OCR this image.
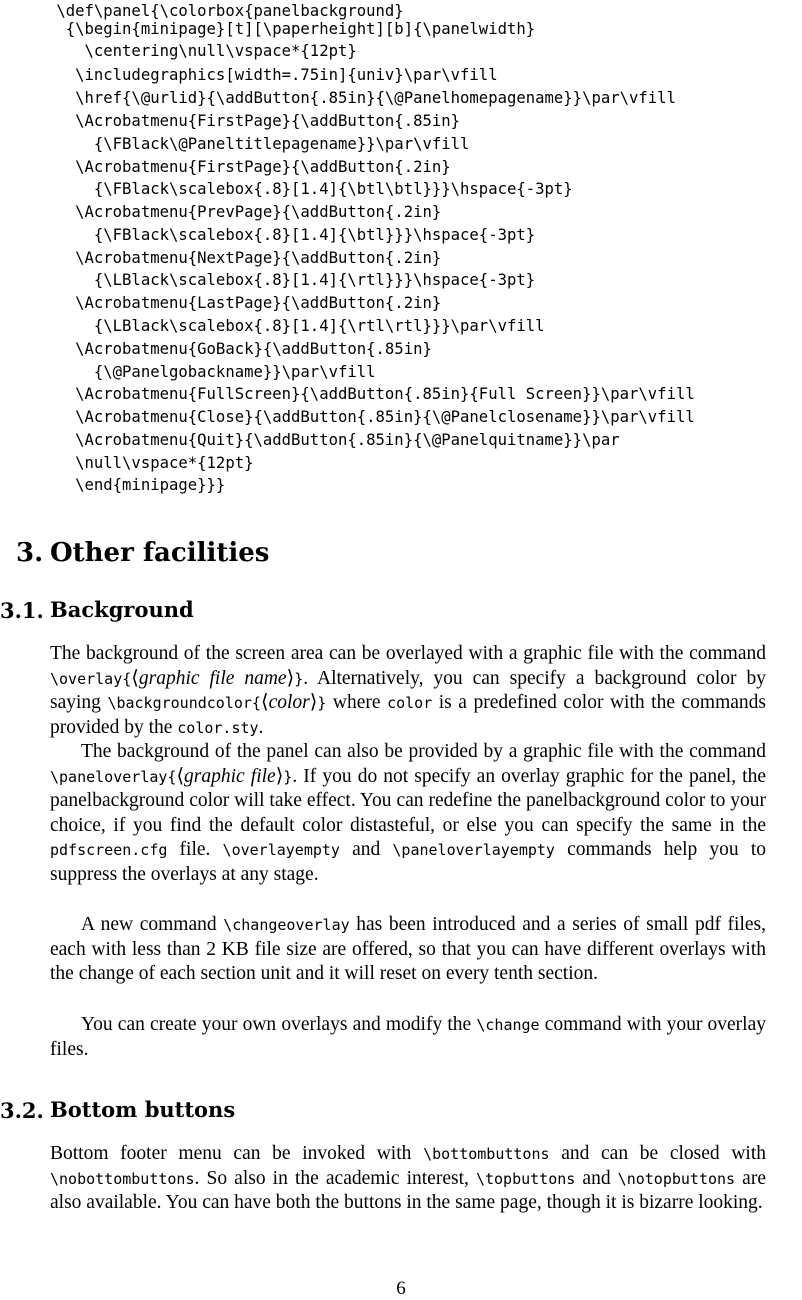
\def\panel{\colorbox{panelbackground}
{\begin{minipage}[t][\paperheight][b]{\panelwidth}
\centering\null\vspace*{12pt}
\includegraphics[width=.75in]{univ}\par\vfill
\href{\@urlid}{\addButton{.85in}{\@Panelhomepagename}}\par\vfill
\Acrobatmenu{FirstPage}{\addButton{.85in}
{\FBlack\@Paneltitlepagename}}\par\vfill
\Acrobatmenu{FirstPage}{\addButton{.2in}
{\FBlack\scalebox{.8}[1.4]{\btl\btl}}}\hspace{-3pt}
\Acrobatmenu{PrevPage}{\addButton{.2in}
{\FBlack\scalebox{.8}[1.4]{\btl}}}\hspace{-3pt}
\Acrobatmenu{NextPage}{\addButton{.2in}
{\LBlack\scalebox{.8}[1.4]{\rtl}}}\hspace{-3pt}
\Acrobatmenu{LastPage}{\addButton{.2in}
{\LBlack\scalebox{.8}[1.4]{\rtl\rtl}}}\par\vfill
\Acrobatmenu{GoBack}{\addButton{.85in}
{\@Panelgobackname}}\par\vfill
\Acrobatmenu{FullScreen}{\addButton{.85in}{Full Screen}}\par\vfill
\Acrobatmenu{Close}{\addButton{.85in}{\@Panelclosename}}\par\vfill
\Acrobatmenu{Quit}{\addButton{.85in}{\@Panelquitname}}\par
\null\vspace*{12pt}
\end{minipage}}}
3. Other facilities
3.1. Background

The background of the screen area can be overlayed with a graphic file with the command \overlay{⟨graphic file name⟩}. Alternatively, you can specify a background color by saying \backgroundcolor{⟨color⟩} where color is a predefined color with the commands provided by the color.sty.

The background of the panel can also be provided by a graphic file with the command \paneloverlay{⟨graphic file⟩}. If you do not specify an overlay graphic for the panel, the panelbackground color will take effect. You can redefine the panelbackground color to your choice, if you find the default color distasteful, or else you can specify the same in the pdfscreen.cfg file. \overlayempty and \paneloverlayempty commands help you to suppress the overlays at any stage.

A new command \changeoverlay has been introduced and a series of small pdf files, each with less than 2 KB file size are offered, so that you can have different overlays with the change of each section unit and it will reset on every tenth section.

You can create your own overlays and modify the \change command with your overlay files.

3.2. Bottom buttons

Bottom footer menu can be invoked with \bottombuttons and can be closed with \nobottombuttons. So also in the academic interest, \topbuttons and \notopbuttons are also available. You can have both the buttons in the same page, though it is bizarre looking.

6
